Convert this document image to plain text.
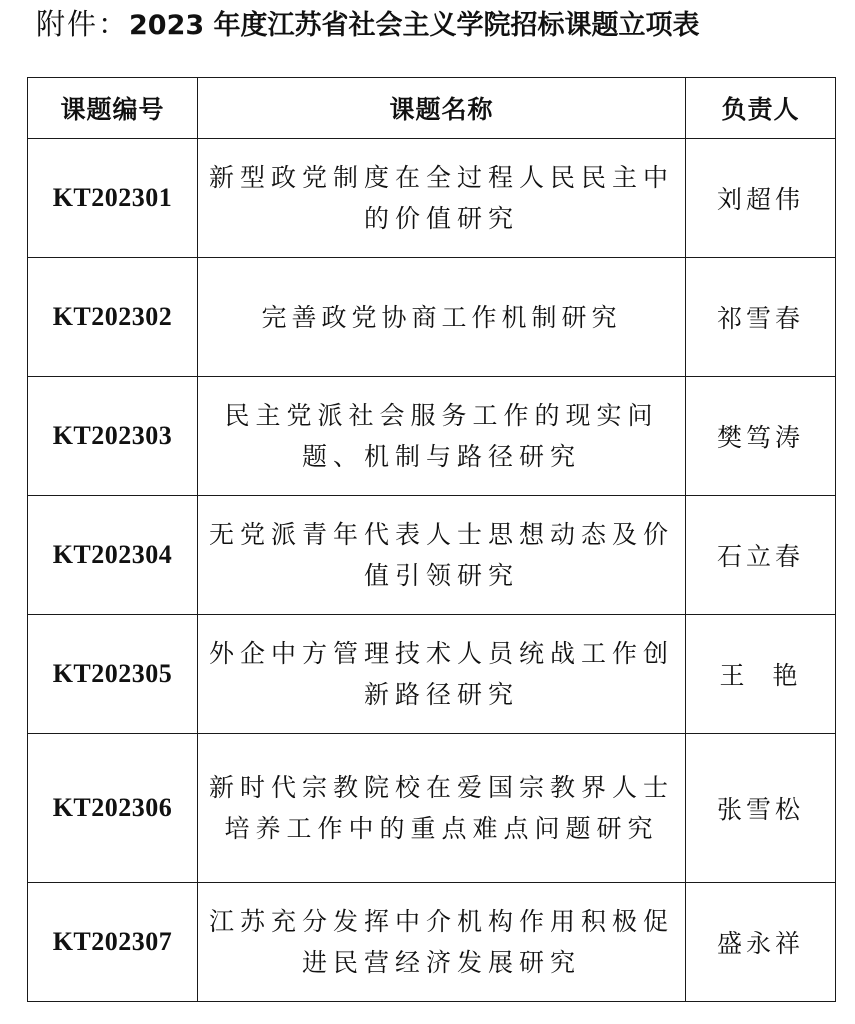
附件：2023 年度江苏省社会主义学院招标课题立项表
课题编号	课题名称	负责人
KT202301	新型政党制度在全过程人民民主中的价值研究	刘超伟
KT202302	完善政党协商工作机制研究	祁雪春
KT202303	民主党派社会服务工作的现实问题、机制与路径研究	樊笃涛
KT202304	无党派青年代表人士思想动态及价值引领研究	石立春
KT202305	外企中方管理技术人员统战工作创新路径研究	王  艳
KT202306	新时代宗教院校在爱国宗教界人士培养工作中的重点难点问题研究	张雪松
KT202307	江苏充分发挥中介机构作用积极促进民营经济发展研究	盛永祥
